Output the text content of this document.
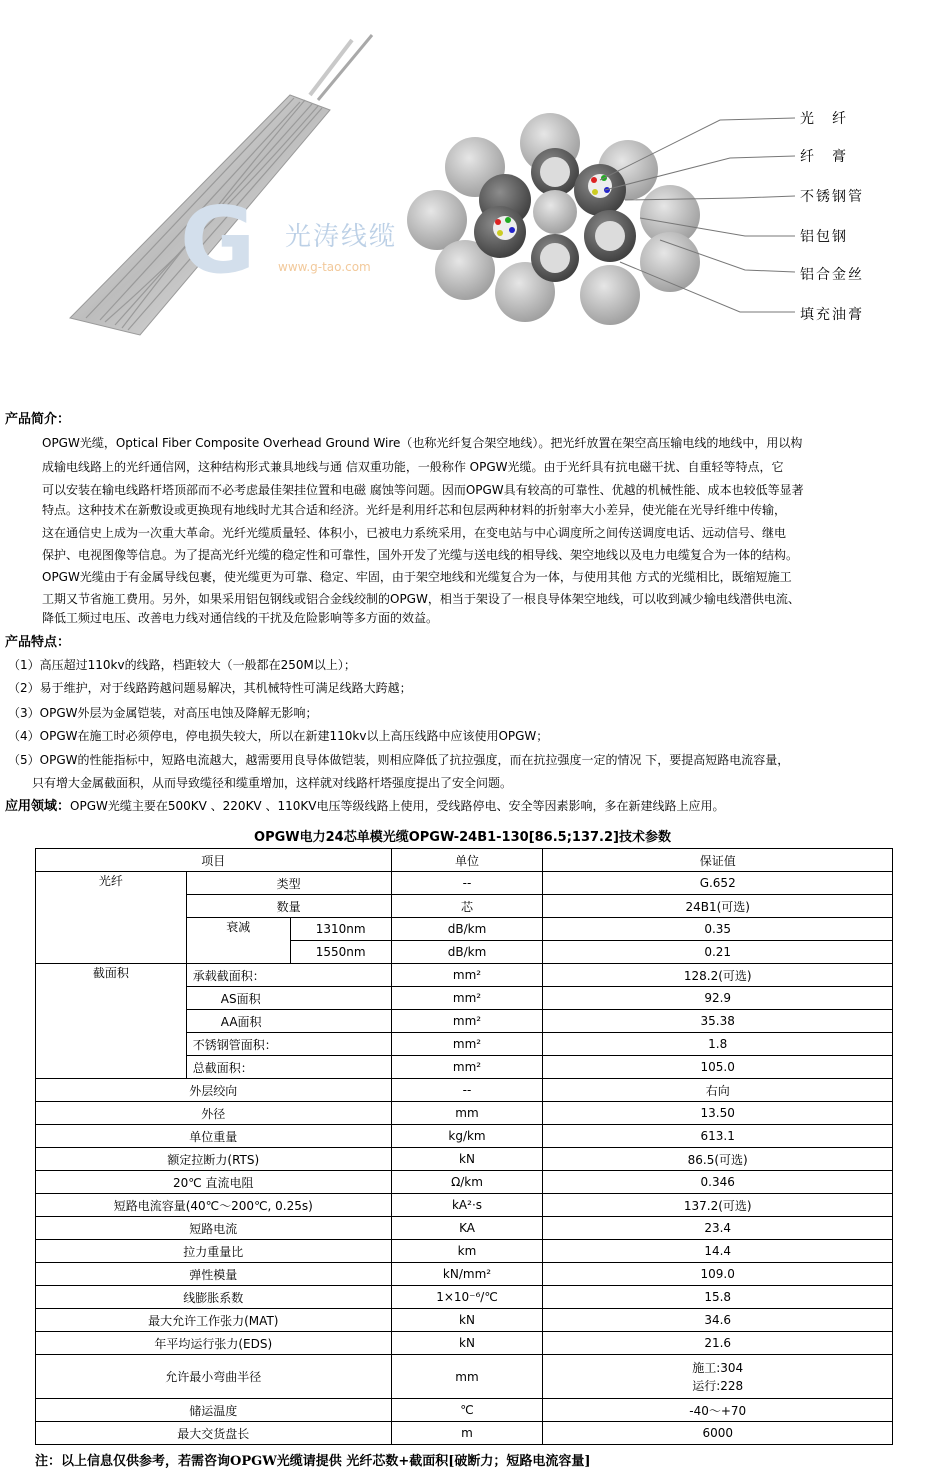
G 光涛线缆
www.g-tao.com
光　纤
纤　膏
不锈钢管
铝包钢
铝合金丝
填充油膏
产品简介：
OPGW光缆，Optical Fiber Composite Overhead Ground Wire（也称光纤复合架空地线）。把光纤放置在架空高压输电线的地线中，用以构
成输电线路上的光纤通信网，这种结构形式兼具地线与通 信双重功能，一般称作 OPGW光缆。由于光纤具有抗电磁干扰、自重轻等特点，它
可以安装在输电线路杆塔顶部而不必考虑最佳架挂位置和电磁 腐蚀等问题。因而OPGW具有较高的可靠性、优越的机械性能、成本也较低等显著
特点。这种技术在新敷设或更换现有地线时尤其合适和经济。光纤是利用纤芯和包层两种材料的折射率大小差异，使光能在光导纤维中传输，
这在通信史上成为一次重大革命。光纤光缆质量轻、体积小，已被电力系统采用，在变电站与中心调度所之间传送调度电话、远动信号、继电
保护、电视图像等信息。为了提高光纤光缆的稳定性和可靠性，国外开发了光缆与送电线的相导线、架空地线以及电力电缆复合为一体的结构。
OPGW光缆由于有金属导线包裹，使光缆更为可靠、稳定、牢固，由于架空地线和光缆复合为一体，与使用其他 方式的光缆相比，既缩短施工
工期又节省施工费用。另外，如果采用铝包钢线或铝合金线绞制的OPGW，相当于架设了一根良导体架空地线，可以收到减少输电线潜供电流、
降低工频过电压、改善电力线对通信线的干扰及危险影响等多方面的效益。
产品特点：
（1）高压超过110kv的线路，档距较大（一般都在250M以上）；
（2）易于维护，对于线路跨越问题易解决，其机械特性可满足线路大跨越；
（3）OPGW外层为金属铠装，对高压电蚀及降解无影响；
（4）OPGW在施工时必须停电，停电损失较大，所以在新建110kv以上高压线路中应该使用OPGW；
（5）OPGW的性能指标中，短路电流越大，越需要用良导体做铠装，则相应降低了抗拉强度，而在抗拉强度一定的情况 下，要提高短路电流容量，
　　只有增大金属截面积，从而导致缆径和缆重增加，这样就对线路杆塔强度提出了安全问题。
应用领域：OPGW光缆主要在500KV 、220KV 、110KV电压等级线路上使用，受线路停电、安全等因素影响，多在新建线路上应用。
OPGW电力24芯单模光缆OPGW-24B1-130[86.5;137.2]技术参数
项目			单位	保证值
光纤	类型		--	G.652
	数量		芯	24B1(可选)
	衰减	1310nm	dB/km	0.35
		1550nm	dB/km	0.21
截面积	承载截面积：		mm²	128.2(可选)
	AS面积		mm²	92.9
	AA面积		mm²	35.38
	不锈钢管面积：		mm²	1.8
	总截面积：		mm²	105.0
外层绞向			--	右向
外径			mm	13.50
单位重量			kg/km	613.1
额定拉断力(RTS)			kN	86.5(可选)
20℃ 直流电阻			Ω/km	0.346
短路电流容量(40℃～200℃, 0.25s)			kA²·s	137.2(可选)
短路电流			KA	23.4
拉力重量比			km	14.4
弹性模量			kN/mm²	109.0
线膨胀系数			1×10⁻⁶/℃	15.8
最大允许工作张力(MAT)			kN	34.6
年平均运行张力(EDS)			kN	21.6
允许最小弯曲半径			mm	施工:304
运行:228

储运温度			℃	-40～+70
最大交货盘长			m	6000
注：以上信息仅供参考，若需咨询OPGW光缆请提供 光纤芯数+截面积[破断力；短路电流容量]
